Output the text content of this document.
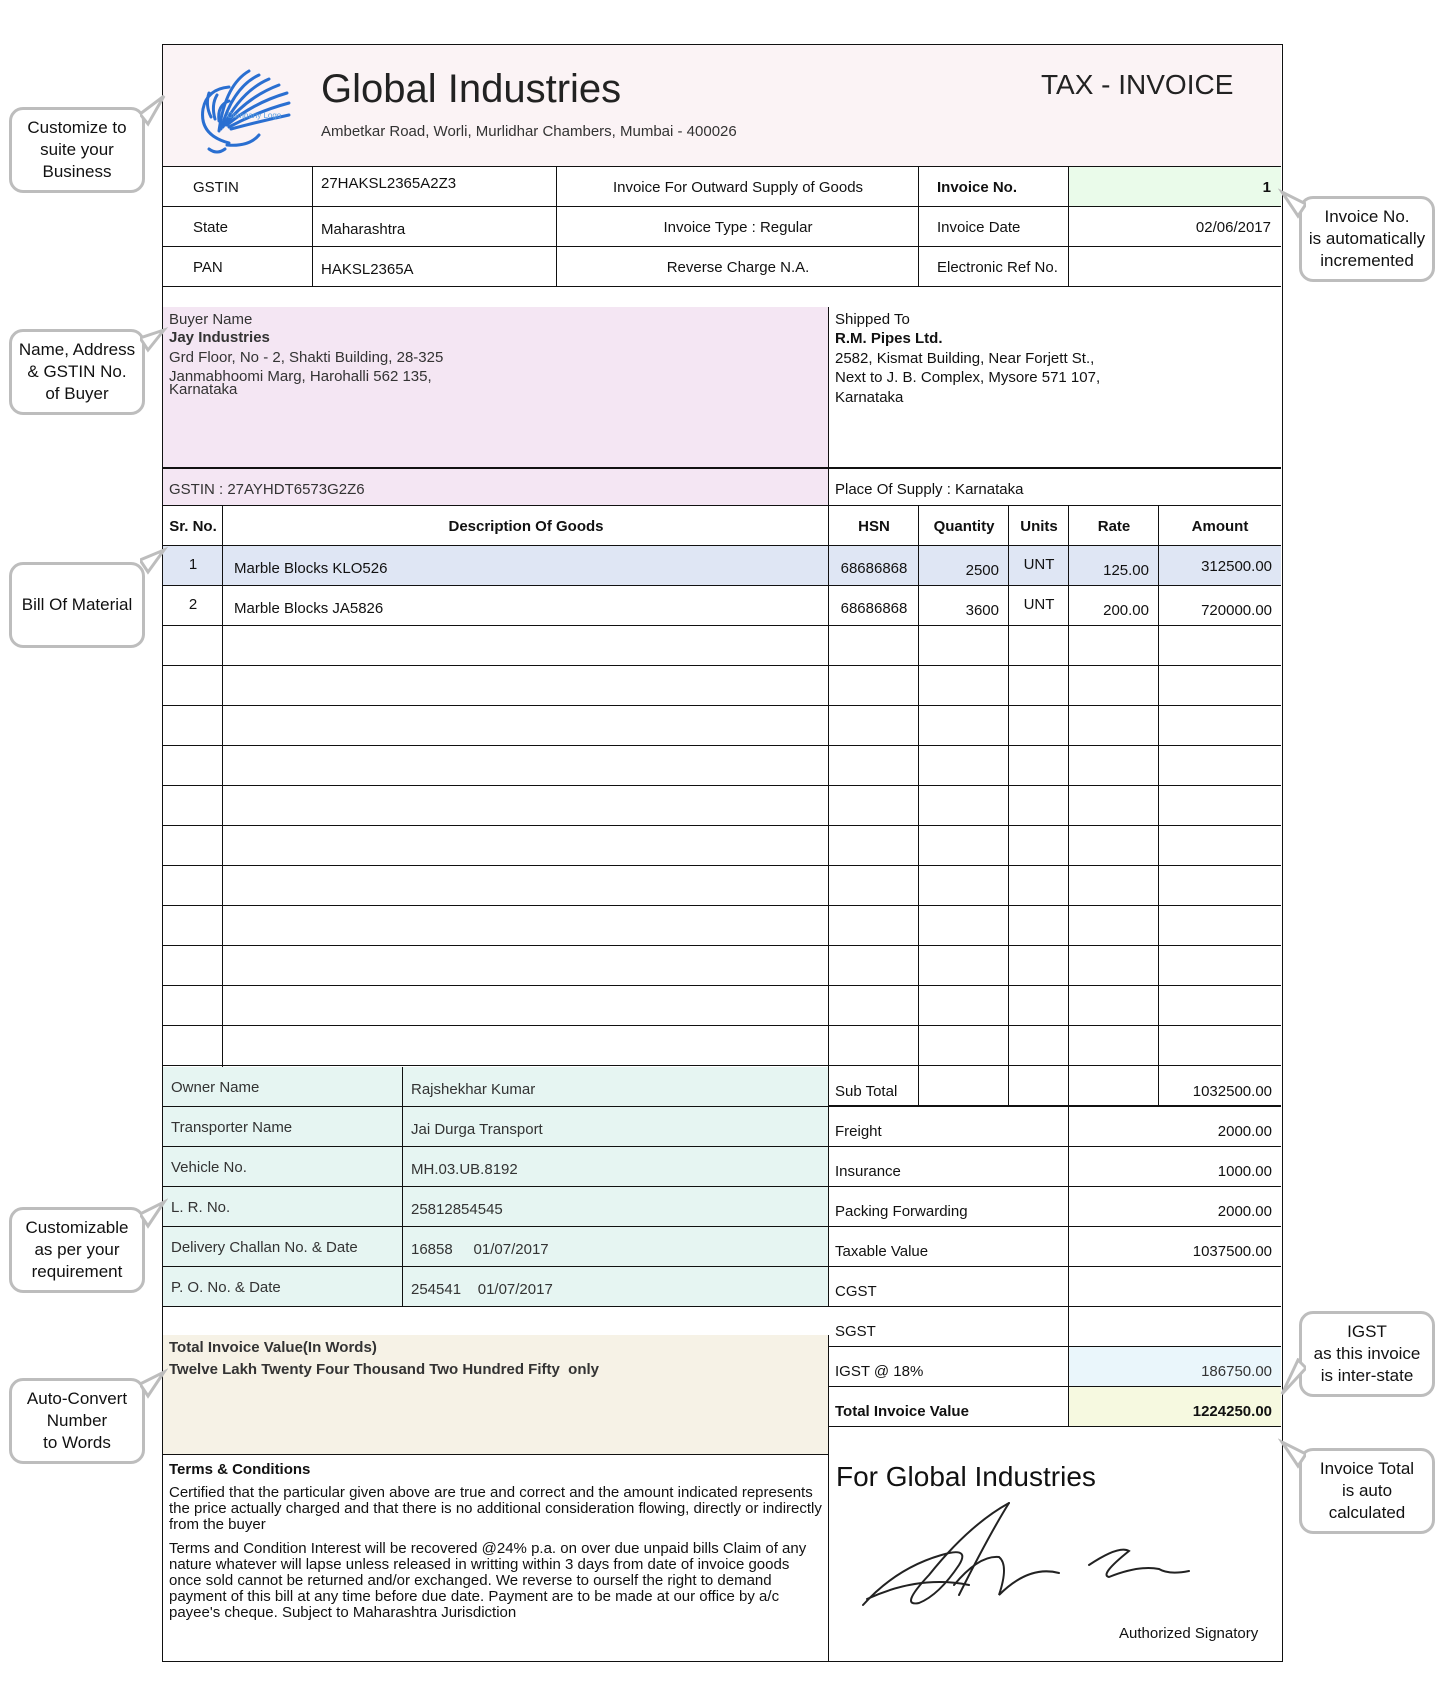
Company Logo
Global Industries
Ambetkar Road, Worli, Murlidhar Chambers, Mumbai - 400026
TAX - INVOICE
GSTIN	27HAKSL2365A2Z3	Invoice For Outward Supply of Goods	Invoice No.	1
State	Maharashtra	Invoice Type : Regular	Invoice Date	02/06/2017
PAN	HAKSL2365A	Reverse Charge N.A.	Electronic Ref No.
Buyer Name
Jay Industries
Grd Floor, No - 2, Shakti Building, 28-325
Janmabhoomi Marg, Harohalli 562 135,
Karnataka
GSTIN : 27AYHDT6573G2Z6
Shipped To
R.M. Pipes Ltd.
2582, Kismat Building, Near Forjett St.,
Next to J. B. Complex, Mysore 571 107,
Karnataka
Place Of Supply : Karnataka
Sr. No.	Description Of Goods	HSN	Quantity	Units	Rate	Amount
1	Marble Blocks KLO526	68686868	2500	UNT	125.00	312500.00
2	Marble Blocks JA5826	68686868	3600	UNT	200.00	720000.00
Owner Name	Rajshekhar Kumar
Transporter Name	Jai Durga Transport
Vehicle No.	MH.03.UB.8192
L. R. No.	25812854545
Delivery Challan No. & Date	16858     01/07/2017
P. O. No. & Date	254541    01/07/2017
Sub Total	1032500.00
Freight	2000.00
Insurance	1000.00
Packing Forwarding	2000.00
Taxable Value	1037500.00
CGST
SGST
IGST @ 18%	186750.00
Total Invoice Value	1224250.00
Total Invoice Value(In Words)
Twelve Lakh Twenty Four Thousand Two Hundred Fifty  only
Terms & Conditions
Certified that the particular given above are true and correct and the amount indicated represents the price actually charged and that there is no additional consideration flowing, directly or indirectly from the buyer
Terms and Condition Interest will be recovered @24% p.a. on over due unpaid bills Claim of any nature whatever will lapse unless released in writting within 3 days from date of invoice goods once sold cannot be returned and/or exchanged. We reverse to ourself the right to demand payment of this bill at any time before due date. Payment are to be made at our office by a/c payee's cheque. Subject to Maharashtra Jurisdiction
For Global Industries
Authorized Signatory
Customize to
suite your
Business
Name, Address
& GSTIN No.
of Buyer
Bill Of Material
Customizable
as per your
requirement
Auto-Convert
Number
to Words
Invoice No.
is automatically
incremented
IGST
as this invoice
is inter-state
Invoice Total
is auto
calculated
